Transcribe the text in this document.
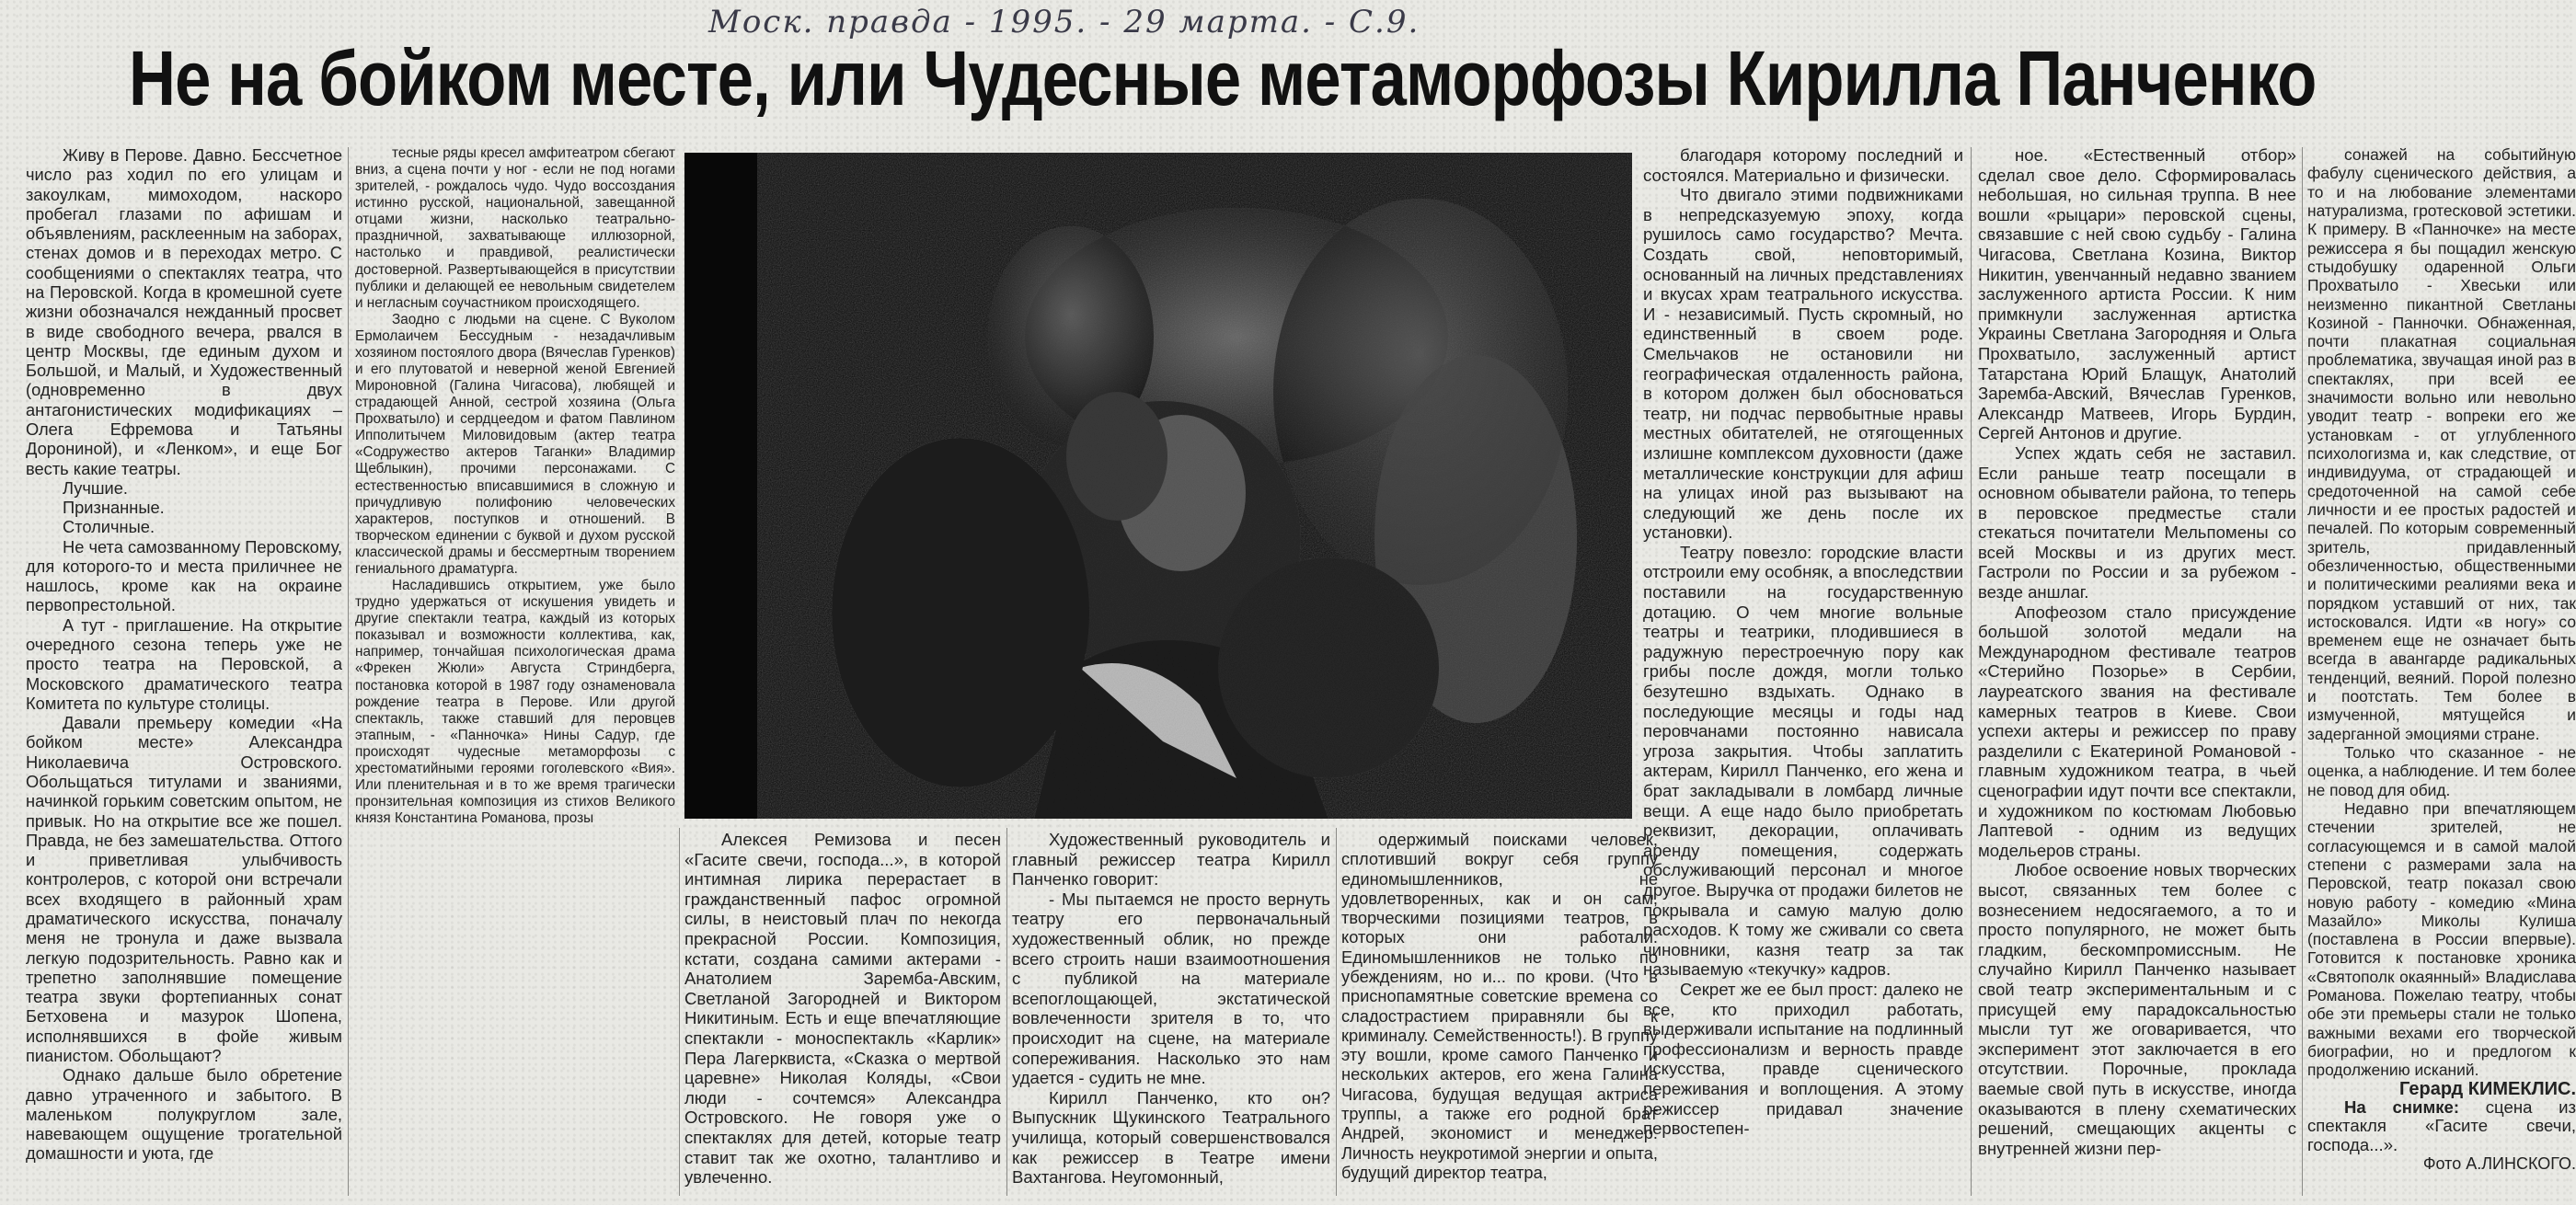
Моск. правда - 1995. - 29 марта. - С.9.
Не на бойком месте, или Чудесные метаморфозы Кирилла Панченко

Живу в Перове. Давно. Бессчетное число раз ходил по его улицам и закоулкам, мимоходом, наскоро пробегал глазами по афишам и объявлениям, расклеенным на заборах, стенах домов и в переходах метро. С сообщениями о спектаклях театра, что на Перовской. Когда в кромешной суете жизни обозначался нежданный просвет в виде свободного вечера, рвался в центр Москвы, где единым духом и Большой, и Малый, и Художественный (одновременно в двух антагонистических модификациях – Олега Ефремова и Татьяны Дорониной), и «Ленком», и еще Бог весть какие театры.

Лучшие.

Признанные.

Столичные.

Не чета самозванному Перовскому, для которого-то и места приличнее не нашлось, кроме как на окраине первопрестольной.

А тут - приглашение. На открытие очередного сезона теперь уже не просто театра на Перовской, а Московского драматического театра Комитета по культуре столицы.

Давали премьеру комедии «На бойком месте» Александра Николаевича Островского. Обольщаться титулами и званиями, начинкой горьким советским опытом, не привык. Но на открытие все же пошел. Правда, не без замешательства. Оттого и приветливая улыбчивость контролеров, с которой они встречали всех входящего в районный храм драматического искусства, поначалу меня не тронула и даже вызвала легкую подозрительность. Равно как и трепетно заполнявшие помещение театра звуки фортепианных сонат Бетховена и мазурок Шопена, исполнявшихся в фойе живым пианистом. Обольщают?

Однако дальше было обретение давно утраченного и забытого. В маленьком полукруглом зале, навевающем ощущение трогательной домашности и уюта, где

тесные ряды кресел амфитеатром сбегают вниз, а сцена почти у ног - если не под ногами зрителей, - рождалось чудо. Чудо воссоздания истинно русской, национальной, завещанной отцами жизни, насколько театрально-праздничной, захватывающе иллюзорной, настолько и правдивой, реалистически достоверной. Развертывающейся в присутствии публики и делающей ее невольным свидетелем и негласным соучастником происходящего.

Заодно с людьми на сцене. С Вуколом Ермолаичем Бессудным - незадачливым хозяином постоялого двора (Вячеслав Гуренков) и его плутоватой и неверной женой Евгенией Мироновной (Галина Чигасова), любящей и страдающей Анной, сестрой хозяина (Ольга Прохватыло) и сердцеедом и фатом Павлином Ипполитычем Миловидовым (актер театра «Содружество актеров Таганки» Владимир Щеблыкин), прочими персонажами. С естественностью вписавшимися в сложную и причудливую полифонию человеческих характеров, поступков и отношений. В творческом единении с буквой и духом русской классической драмы и бессмертным творением гениального драматурга.

Насладившись открытием, уже было трудно удержаться от искушения увидеть и другие спектакли театра, каждый из которых показывал и возможности коллектива, как, например, тончайшая психологическая драма «Фрекен Жюли» Августа Стриндберга, постановка которой в 1987 году ознаменовала рождение театра в Перове. Или другой спектакль, также ставший для перовцев этапным, - «Панночка» Нины Садур, где происходят чудесные метаморфозы с хрестоматийными героями гоголевского «Вия». Или пленительная и в то же время трагически пронзительная композиция из стихов Великого князя Константина Романова, прозы

Алексея Ремизова и песен «Гасите свечи, господа...», в которой интимная лирика перерастает в гражданственный пафос огромной силы, в неистовый плач по некогда прекрасной России. Композиция, кстати, создана самими актерами - Анатолием Заремба-Авским, Светланой Загородней и Виктором Никитиным. Есть и еще впечатляющие спектакли - моноспектакль «Карлик» Пера Лагерквиста, «Сказка о мертвой царевне» Николая Коляды, «Свои люди - сочтемся» Александра Островского. Не говоря уже о спектаклях для детей, которые театр ставит так же охотно, талантливо и увлеченно.

Художественный руководитель и главный режиссер театра Кирилл Панченко говорит:

- Мы пытаемся не просто вернуть театру его первоначальный художественный облик, но прежде всего строить наши взаимоотношения с публикой на материале всепоглощающей, экстатической вовлеченности зрителя в то, что происходит на сцене, на материале сопереживания. Насколько это нам удается - судить не мне.

Кирилл Панченко, кто он? Выпускник Щукинского Театрального училища, который совершенствовался как режиссер в Театре имени Вахтангова. Неугомонный,

одержимый поисками человек, сплотивший вокруг себя группу единомышленников, не удовлетворенных, как и он сам, творческими позициями театров, в которых они работали. Единомышленников не только по убеждениям, но и... по крови. (Что в приснопамятные советские времена со сладострастием приравняли бы к криминалу. Семейственность!). В группу эту вошли, кроме самого Панченко и нескольких актеров, его жена Галина Чигасова, будущая ведущая актриса труппы, а также его родной брат Андрей, экономист и менеджер. Личность неукротимой энергии и опыта, будущий директор театра,

благодаря которому последний и состоялся. Материально и физически.

Что двигало этими подвижниками в непредсказуемую эпоху, когда рушилось само государство? Мечта. Создать свой, неповторимый, основанный на личных представлениях и вкусах храм театрального искусства. И - независимый. Пусть скромный, но единственный в своем роде. Смельчаков не остановили ни географическая отдаленность района, в котором должен был обосноваться театр, ни подчас первобытные нравы местных обитателей, не отягощенных излишне комплексом духовности (даже металлические конструкции для афиш на улицах иной раз вызывают на следующий же день после их установки).

Театру повезло: городские власти отстроили ему особняк, а впоследствии поставили на государственную дотацию. О чем многие вольные театры и театрики, плодившиеся в радужную перестроечную пору как грибы после дождя, могли только безутешно вздыхать. Однако в последующие месяцы и годы над перовчанами постоянно нависала угроза закрытия. Чтобы заплатить актерам, Кирилл Панченко, его жена и брат закладывали в ломбард личные вещи. А еще надо было приобретать реквизит, декорации, оплачивать аренду помещения, содержать обслуживающий персонал и многое другое. Выручка от продажи билетов не покрывала и самую малую долю расходов. К тому же сживали со света чиновники, казня театр за так называемую «текучку» кадров.

Секрет же ее был прост: далеко не все, кто приходил работать, выдерживали испытание на подлинный профессионализм и верность правде искусства, правде сценического переживания и воплощения. А этому режиссер придавал значение первостепен-

ное. «Естественный отбор» сделал свое дело. Сформировалась небольшая, но сильная труппа. В нее вошли «рыцари» перовской сцены, связавшие с ней свою судьбу - Галина Чигасова, Светлана Козина, Виктор Никитин, увенчанный недавно званием заслуженного артиста России. К ним примкнули заслуженная артистка Украины Светлана Загородняя и Ольга Прохватыло, заслуженный артист Татарстана Юрий Блащук, Анатолий Заремба-Авский, Вячеслав Гуренков, Александр Матвеев, Игорь Бурдин, Сергей Антонов и другие.

Успех ждать себя не заставил. Если раньше театр посещали в основном обыватели района, то теперь в перовское предместье стали стекаться почитатели Мельпомены со всей Москвы и из других мест. Гастроли по России и за рубежом - везде аншлаг.

Апофеозом стало присуждение большой золотой медали на Международном фестивале театров «Стерийно Позорье» в Сербии, лауреатского звания на фестивале камерных театров в Киеве. Свои успехи актеры и режиссер по праву разделили с Екатериной Романовой - главным художником театра, в чьей сценографии идут почти все спектакли, и художником по костюмам Любовью Лаптевой - одним из ведущих модельеров страны.

Любое освоение новых творческих высот, связанных тем более с вознесением недосягаемого, а то и просто популярного, не может быть гладким, бескомпромиссным. Не случайно Кирилл Панченко называет свой театр экспериментальным и с присущей ему парадоксальностью мысли тут же оговаривается, что эксперимент этот заключается в его отсутствии. Порочные, проклада ваемые свой путь в искусстве, иногда оказываются в плену схематических решений, смещающих акценты с внутренней жизни пер-

сонажей на событийную фабулу сценического действия, а то и на любование элементами натурализма, гротесковой эстетики. К примеру. В «Панночке» на месте режиссера я бы пощадил женскую стыдобушку одаренной Ольги Прохватыло - Хвеськи или неизменно пикантной Светланы Козиной - Панночки. Обнаженная, почти плакатная социальная проблематика, звучащая иной раз в спектаклях, при всей ее значимости вольно или невольно уводит театр - вопреки его же установкам - от углубленного психологизма и, как следствие, от индивидуума, от страдающей и средоточенной на самой себе личности и ее простых радостей и печалей. По которым современный зритель, придавленный обезличенностью, общественными и политическими реалиями века и порядком уставший от них, так истосковался. Идти «в ногу» со временем еще не означает быть всегда в авангарде радикальных тенденций, веяний. Порой полезно и поотстать. Тем более в измученной, мятущейся и задерганной эмоциями стране.

Только что сказанное - не оценка, а наблюдение. И тем более не повод для обид.

Недавно при впечатляющем стечении зрителей, не согласующемся и в самой малой степени с размерами зала на Перовской, театр показал свою новую работу - комедию «Мина Мазайло» Миколы Кулиша (поставлена в России впервые). Готовится к постановке хроника «Святополк окаянный» Владислава Романова. Пожелаю театру, чтобы обе эти премьеры стали не только важными вехами его творческой биографии, но и предлогом к продолжению исканий.

Герард КИМЕКЛИС.

На снимке: сцена из спектакля «Гасите свечи, господа...».

Фото А.ЛИНСКОГО.
